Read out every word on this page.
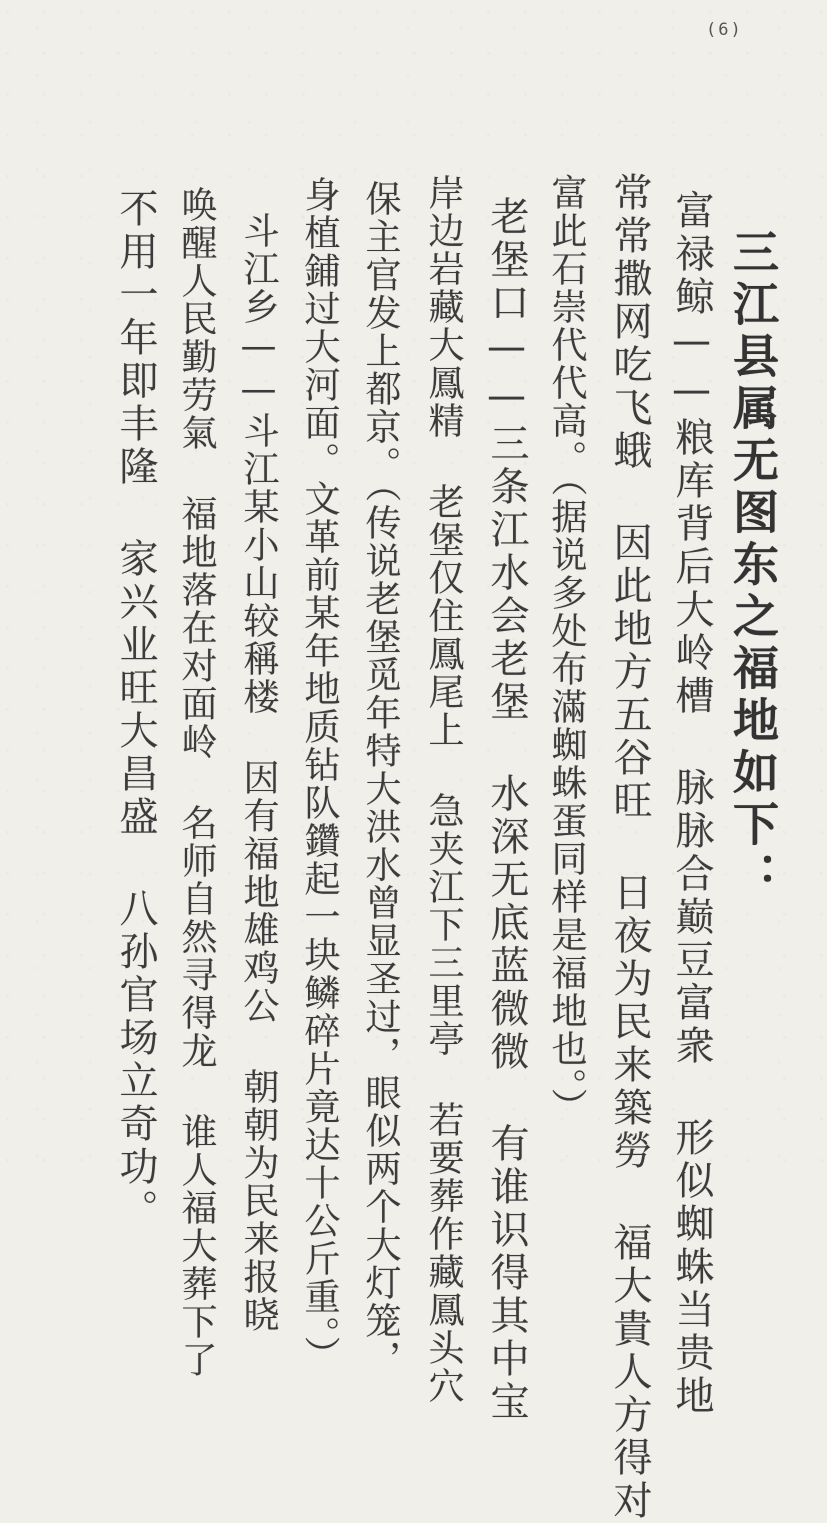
(6)
三江县属无图东之福地如下：
富禄鲸——粮库背后大岭槽 脉脉合巅豆富衆 形似蜘蛛当贵地
常常撒网吃飞蛾 因此地方五谷旺 日夜为民来築勞 福大貴人方得对
富此石崇代代高。（据说多处布滿蜘蛛蛋同样是福地也。）
老堡口——三条江水会老堡 水深无底蓝微微 有谁识得其中宝
岸边岩藏大鳳精 老堡仅住鳳尾上 急夹江下三里亭 若要葬作藏鳳头穴
保主官发上都京。（传说老堡觅年特大洪水曾显圣过，眼似两个大灯笼，
身植鋪过大河面。文革前某年地质钻队鑽起一块鳞碎片竟达十公斤重。）
斗江乡——斗江某小山较稱楼 因有福地雄鸡公 朝朝为民来报晓
唤醒人民勤劳氣 福地落在对面岭 名师自然寻得龙 谁人福大葬下了
不用一年即丰隆 家兴业旺大昌盛 八孙官场立奇功。
